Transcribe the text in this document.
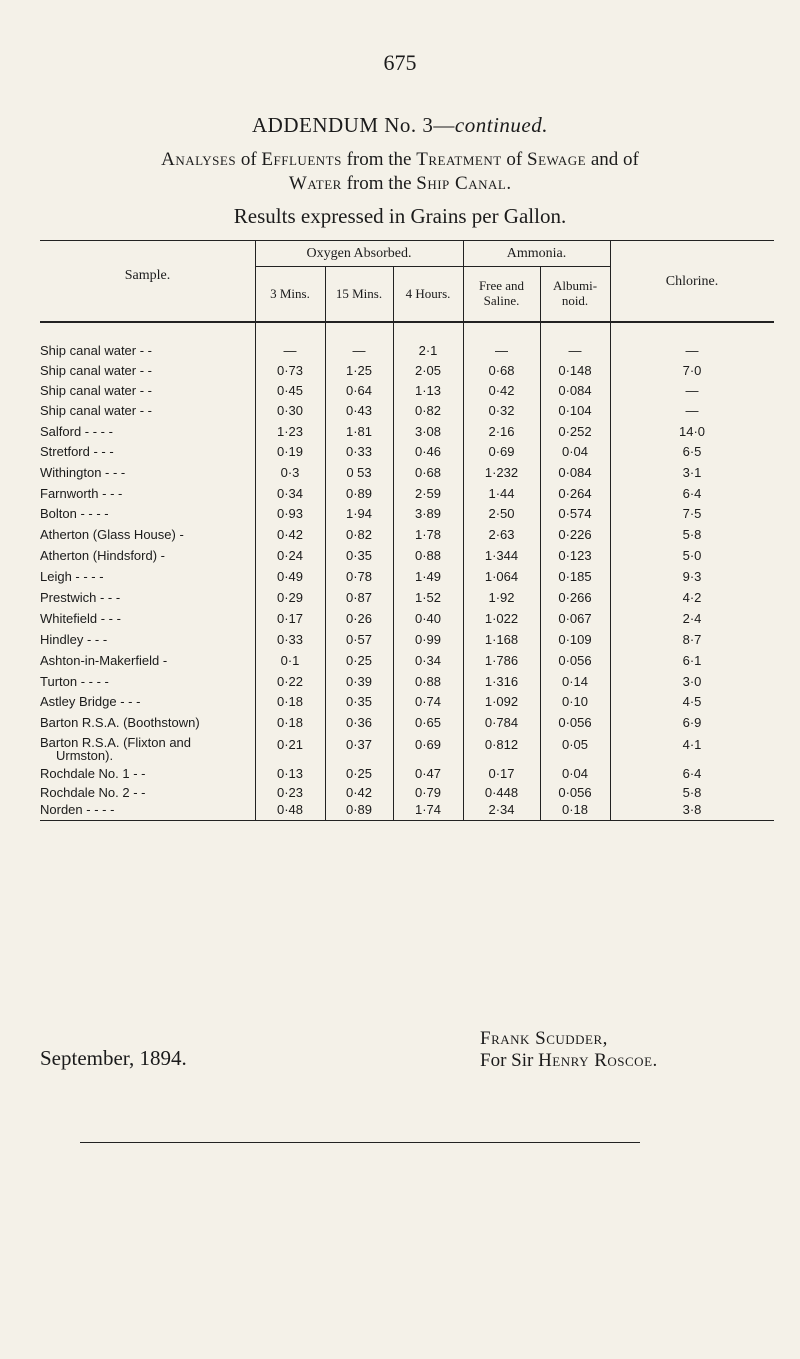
675
ADDENDUM No. 3—continued.
Analyses of Effluents from the Treatment of Sewage and of
Water from the Ship Canal.
Results expressed in Grains per Gallon.
Sample.
Oxygen Absorbed.	Ammonia.
Chlorine.
3 Mins.	15 Mins.	4 Hours.
Free and
Saline.
Albumi-
noid.
Ship canal water - -	—	—	2·1	—	—	—
Ship canal water - -	0·73	1·25	2·05	0·68	0·148	7·0
Ship canal water - -	0·45	0·64	1·13	0·42	0·084	—
Ship canal water - -	0·30	0·43	0·82	0·32	0·104	—
Salford - - - -	1·23	1·81	3·08	2·16	0·252	14·0
Stretford - - -	0·19	0·33	0·46	0·69	0·04	6·5
Withington - - -	0·3	0 53	0·68	1·232	0·084	3·1
Farnworth - - -	0·34	0·89	2·59	1·44	0·264	6·4
Bolton - - - -	0·93	1·94	3·89	2·50	0·574	7·5
Atherton (Glass House) -	0·42	0·82	1·78	2·63	0·226	5·8
Atherton (Hindsford) -	0·24	0·35	0·88	1·344	0·123	5·0
Leigh - - - -	0·49	0·78	1·49	1·064	0·185	9·3
Prestwich - - -	0·29	0·87	1·52	1·92	0·266	4·2
Whitefield - - -	0·17	0·26	0·40	1·022	0·067	2·4
Hindley - - -	0·33	0·57	0·99	1·168	0·109	8·7
Ashton-in-Makerfield -	0·1	0·25	0·34	1·786	0·056	6·1
Turton - - - -	0·22	0·39	0·88	1·316	0·14	3·0
Astley Bridge - - -	0·18	0·35	0·74	1·092	0·10	4·5
Barton R.S.A. (Boothstown)	0·18	0·36	0·65	0·784	0·056	6·9
Barton R.S.A. (Flixton and
Urmston).
0·21	0·37	0·69	0·812	0·05	4·1
Rochdale No. 1 - -	0·13	0·25	0·47	0·17	0·04	6·4
Rochdale No. 2 - -	0·23	0·42	0·79	0·448	0·056	5·8
Norden - - - -	0·48	0·89	1·74	2·34	0·18	3·8
September, 1894.
Frank Scudder,
For Sir Henry Roscoe.
